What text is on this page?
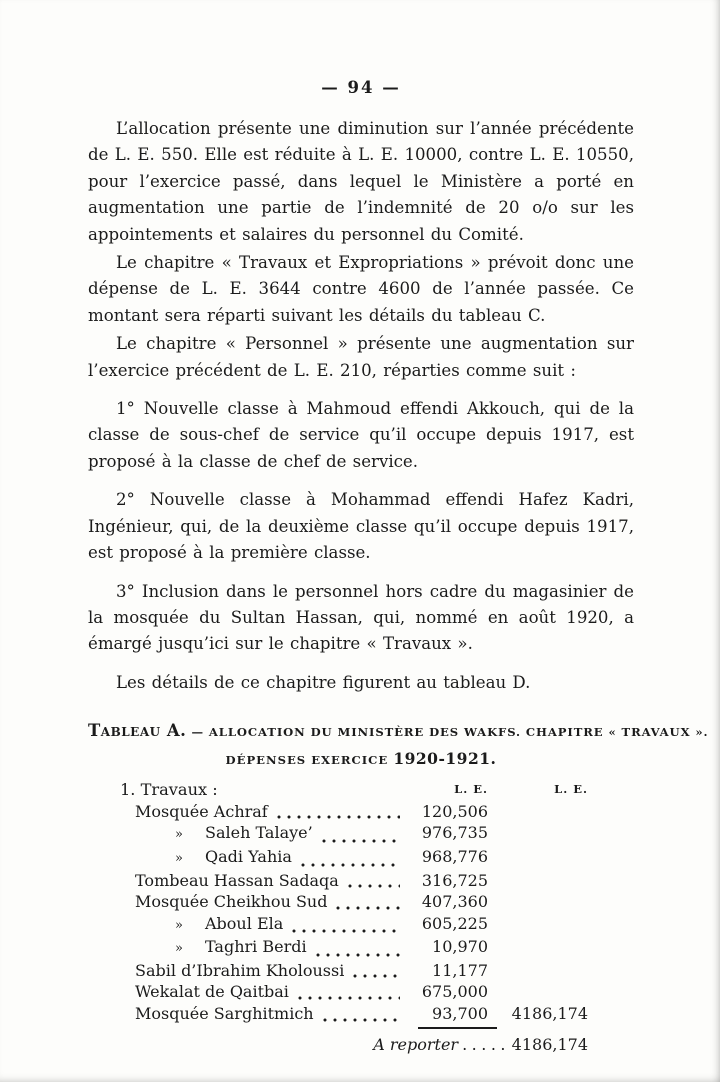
— 94 —

L’allocation présente une diminution sur l’année précédente de L. E. 550. Elle est réduite à L. E. 10000, contre L. E. 10550, pour l’exercice passé, dans lequel le Ministère a porté en augmentation une partie de l’indemnité de 20 o/o sur les appointements et salaires du personnel du Comité.

Le chapitre « Travaux et Expropriations » prévoit donc une dépense de L. E. 3644 contre 4600 de l’année passée. Ce montant sera réparti suivant les détails du tableau C.

Le chapitre « Personnel » présente une augmentation sur l’exercice précédent de L. E. 210, réparties comme suit :

1° Nouvelle classe à Mahmoud effendi Akkouch, qui de la classe de sous-chef de service qu’il occupe depuis 1917, est proposé à la classe de chef de service.

2° Nouvelle classe à Mohammad effendi Hafez Kadri, Ingénieur, qui, de la deuxième classe qu’il occupe depuis 1917, est proposé à la première classe.

3° Inclusion dans le personnel hors cadre du magasinier de la mosquée du Sultan Hassan, qui, nommé en août 1920, a émargé jusqu’ici sur le chapitre « Travaux ».

Les détails de ce chapitre figurent au tableau D.

Tableau A. — ALLOCATION DU MINISTÈRE DES WAKFS. CHAPITRE « TRAVAUX ».
DÉPENSES EXERCICE 1920-1921.
1. Travaux :	L. E.	L. E.
Mosquée Achraf	120,506
» Saleh Talaye’	976,735
» Qadi Yahia	968,776
Tombeau Hassan Sadaqa	316,725
Mosquée Cheikhou Sud	407,360
» Aboul Ela	605,225
» Taghri Berdi	10,970
Sabil d’Ibrahim Kholoussi	11,177
Wekalat de Qaitbai	675,000
Mosquée Sarghitmich	93,700	4186,174
A reporter ..... 4186,174
